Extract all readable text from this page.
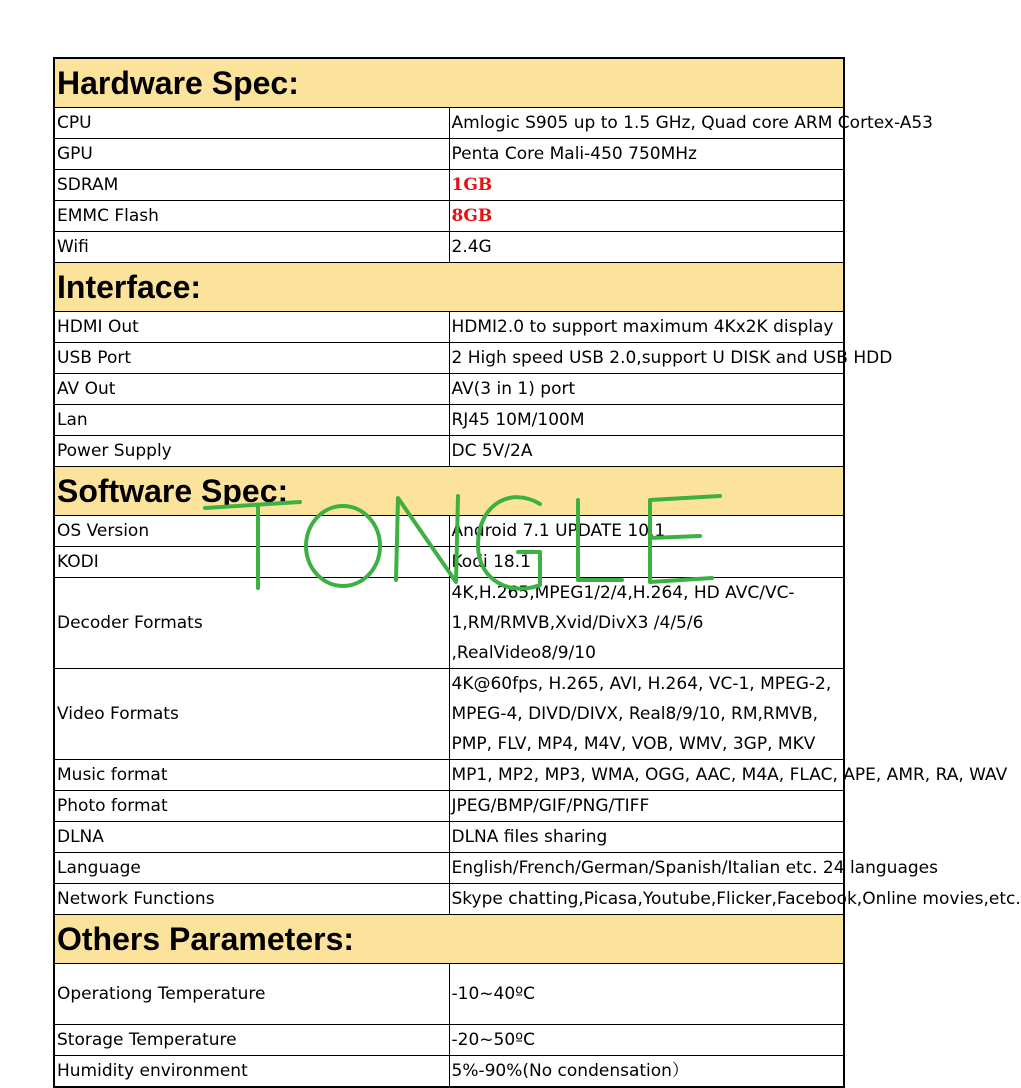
Hardware Spec:	
CPU	Amlogic S905 up to 1.5 GHz, Quad core ARM Cortex-A53
GPU	Penta Core Mali-450 750MHz
SDRAM	1GB
EMMC Flash	8GB
Wifi	2.4G
Interface:	
HDMI Out	HDMI2.0 to support maximum 4Kx2K display
USB Port	2 High speed USB 2.0,support U DISK and USB HDD
AV Out	AV(3 in 1) port
Lan	RJ45 10M/100M
Power Supply	DC 5V/2A
Software Spec:	
OS Version	Android 7.1 UPDATE 10.1
KODI	Kodi 18.1
Decoder Formats	4K,H.265,MPEG1/2/4,H.264, HD AVC/VC-1,RM/RMVB,Xvid/DivX3 /4/5/6 ,RealVideo8/9/10
Video Formats	4K@60fps, H.265, AVI, H.264, VC-1, MPEG-2, MPEG-4, DIVD/DIVX, Real8/9/10, RM,RMVB, PMP, FLV, MP4, M4V, VOB, WMV, 3GP, MKV
Music format	MP1, MP2, MP3, WMA, OGG, AAC, M4A, FLAC, APE, AMR, RA, WAV
Photo format	JPEG/BMP/GIF/PNG/TIFF
DLNA	DLNA files sharing
Language	English/French/German/Spanish/Italian etc. 24 languages
Network Functions	Skype chatting,Picasa,Youtube,Flicker,Facebook,Online movies,etc.
Others Parameters:	
Operationg Temperature	-10~40ºC
Storage Temperature	-20~50ºC
Humidity environment	5%-90%(No condensation）
